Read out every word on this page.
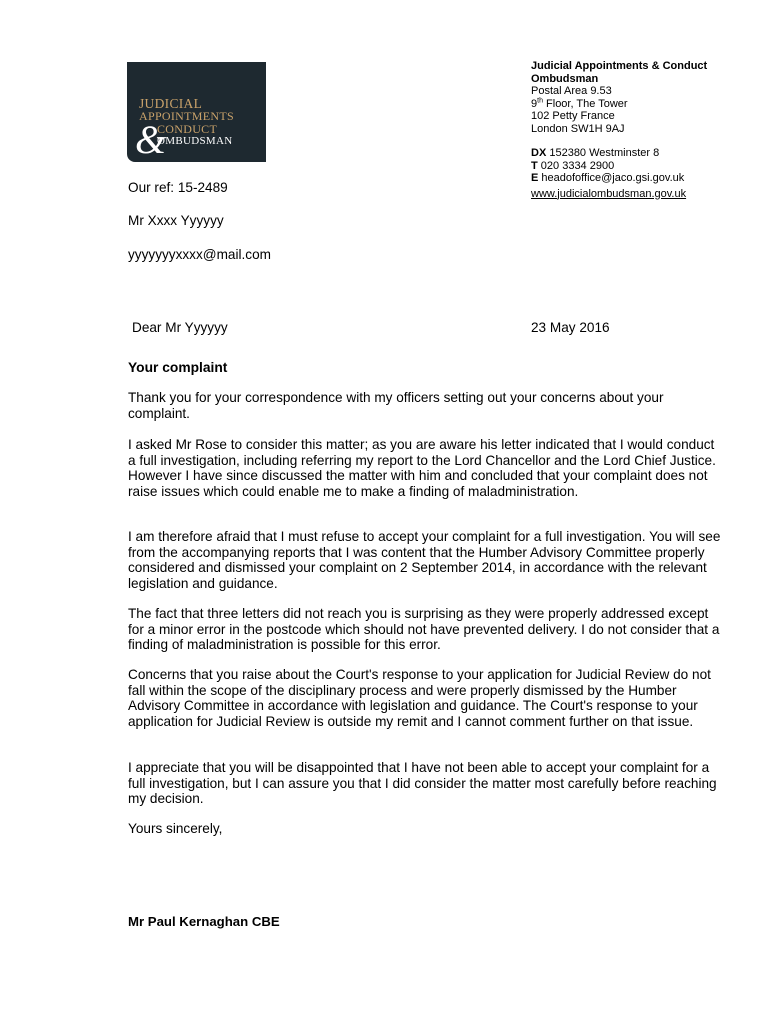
JUDICIAL
APPOINTMENTS
&
CONDUCT
OMBUDSMAN
Judicial Appointments & Conduct
Ombudsman
Postal Area 9.53
9th Floor, The Tower
102 Petty France
London SW1H 9AJ
DX 152380 Westminster 8
T 020 3334 2900
E headofoffice@jaco.gsi.gov.uk
www.judicialombudsman.gov.uk
Our ref: 15-2489
Mr Xxxx Yyyyyy
yyyyyyyxxxx@mail.com
Dear Mr Yyyyyy	23 May 2016
Your complaint
Thank you for your correspondence with my officers setting out your concerns about your complaint.
I asked Mr Rose to consider this matter; as you are aware his letter indicated that I would conduct a full investigation, including referring my report to the Lord Chancellor and the Lord Chief Justice. However I have since discussed the matter with him and concluded that your complaint does not raise issues which could enable me to make a finding of maladministration.
I am therefore afraid that I must refuse to accept your complaint for a full investigation. You will see from the accompanying reports that I was content that the Humber Advisory Committee properly considered and dismissed your complaint on 2 September 2014, in accordance with the relevant legislation and guidance.
The fact that three letters did not reach you is surprising as they were properly addressed except for a minor error in the postcode which should not have prevented delivery. I do not consider that a finding of maladministration is possible for this error.
Concerns that you raise about the Court's response to your application for Judicial Review do not fall within the scope of the disciplinary process and were properly dismissed by the Humber Advisory Committee in accordance with legislation and guidance. The Court's response to your application for Judicial Review is outside my remit and I cannot comment further on that issue.
I appreciate that you will be disappointed that I have not been able to accept your complaint for a full investigation, but I can assure you that I did consider the matter most carefully before reaching my decision.
Yours sincerely,
Mr Paul Kernaghan CBE
